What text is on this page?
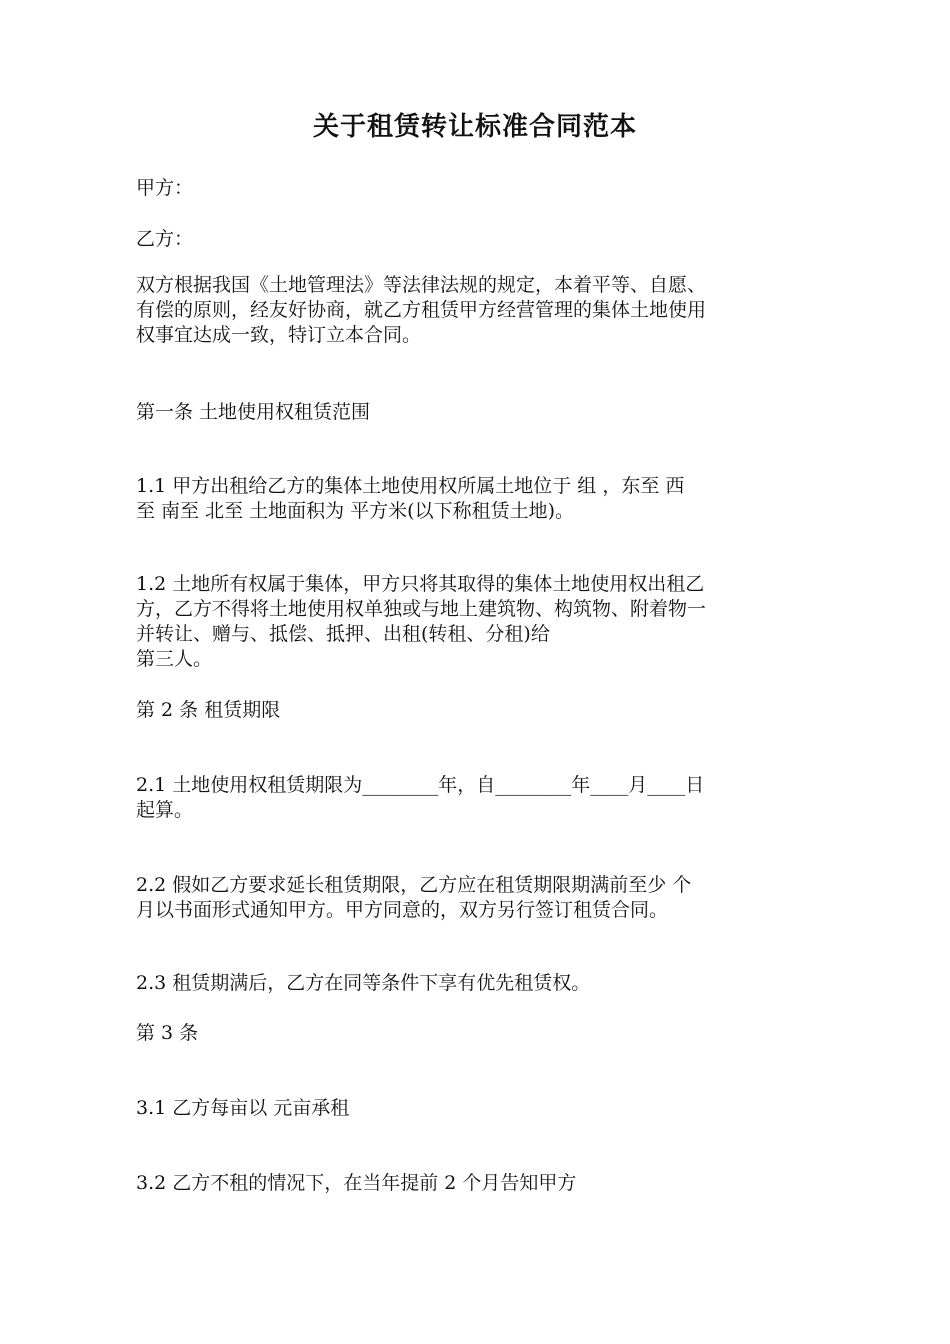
关于租赁转让标准合同范本
甲方：
乙方：
双方根据我国《土地管理法》等法律法规的规定，本着平等、自愿、
有偿的原则，经友好协商，就乙方租赁甲方经营管理的集体土地使用
权事宜达成一致，特订立本合同。
第一条 土地使用权租赁范围
1.1 甲方出租给乙方的集体土地使用权所属土地位于 组 ，东至 西
至 南至 北至 土地面积为 平方米(以下称租赁土地)。
1.2 土地所有权属于集体，甲方只将其取得的集体土地使用权出租乙
方，乙方不得将土地使用权单独或与地上建筑物、构筑物、附着物一
并转让、赠与、抵偿、抵押、出租(转租、分租)给
第三人。
第 2 条 租赁期限
2.1 土地使用权租赁期限为________年，自________年____月____日
起算。
2.2 假如乙方要求延长租赁期限，乙方应在租赁期限期满前至少 个
月以书面形式通知甲方。甲方同意的，双方另行签订租赁合同。
2.3 租赁期满后，乙方在同等条件下享有优先租赁权。
第 3 条
3.1 乙方每亩以 元亩承租
3.2 乙方不租的情况下，在当年提前 2 个月告知甲方
